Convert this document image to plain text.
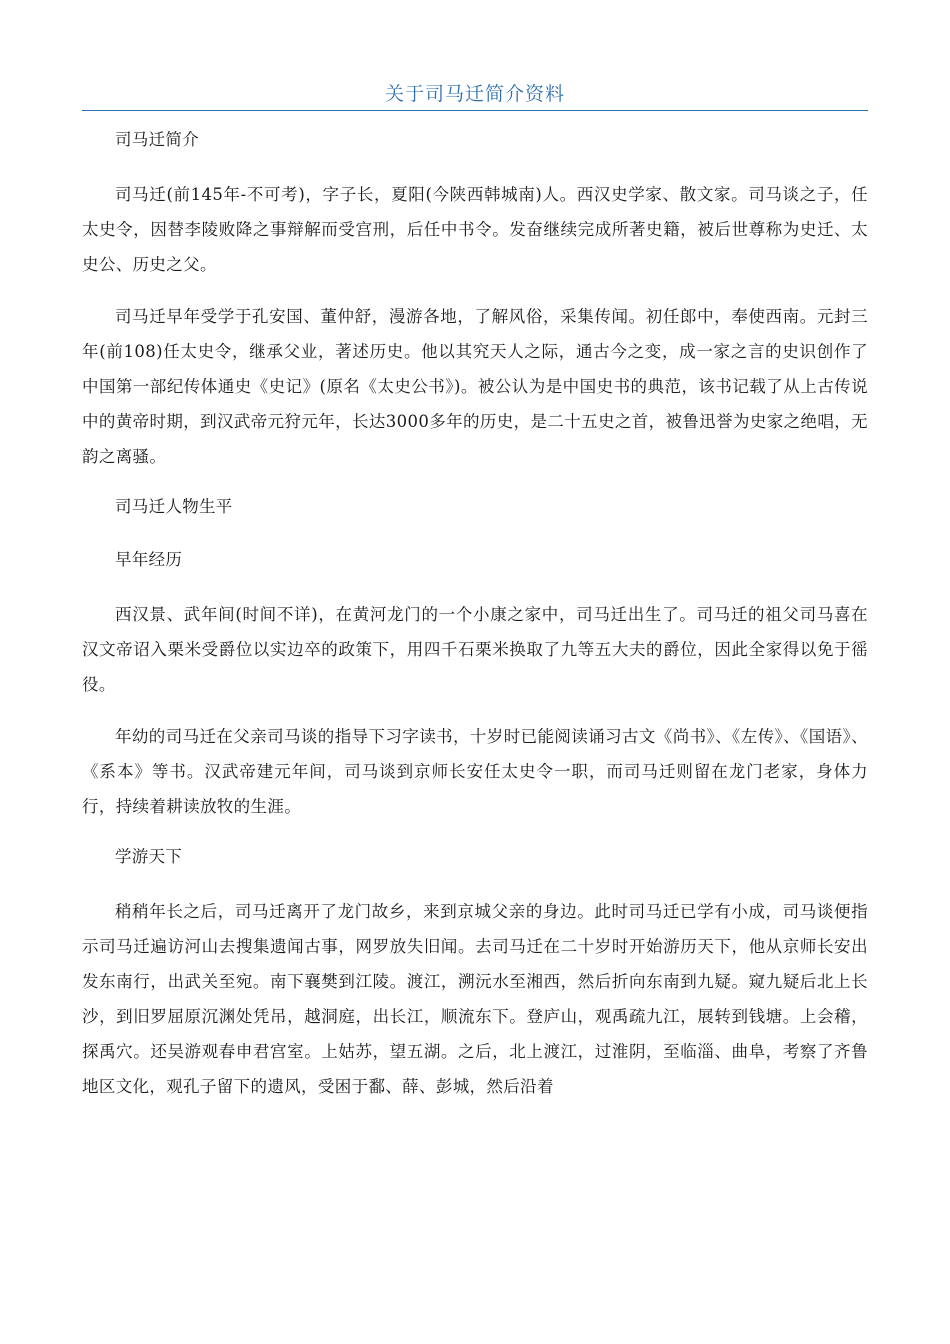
关于司马迁简介资料

司马迁简介

司马迁(前145年-不可考)，字子长，夏阳(今陕西韩城南)人。西汉史学家、散文家。司马谈之子，任太史令，因替李陵败降之事辩解而受宫刑，后任中书令。发奋继续完成所著史籍，被后世尊称为史迁、太史公、历史之父。

司马迁早年受学于孔安国、董仲舒，漫游各地，了解风俗，采集传闻。初任郎中，奉使西南。元封三年(前108)任太史令，继承父业，著述历史。他以其究天人之际，通古今之变，成一家之言的史识创作了中国第一部纪传体通史《史记》(原名《太史公书》)。被公认为是中国史书的典范，该书记载了从上古传说中的黄帝时期，到汉武帝元狩元年，长达3000多年的历史，是二十五史之首，被鲁迅誉为史家之绝唱，无韵之离骚。

司马迁人物生平

早年经历

西汉景、武年间(时间不详)，在黄河龙门的一个小康之家中，司马迁出生了。司马迁的祖父司马喜在汉文帝诏入栗米受爵位以实边卒的政策下，用四千石栗米换取了九等五大夫的爵位，因此全家得以免于徭役。

年幼的司马迁在父亲司马谈的指导下习字读书，十岁时已能阅读诵习古文《尚书》、《左传》、《国语》、《系本》等书。汉武帝建元年间，司马谈到京师长安任太史令一职，而司马迁则留在龙门老家，身体力行，持续着耕读放牧的生涯。

学游天下

稍稍年长之后，司马迁离开了龙门故乡，来到京城父亲的身边。此时司马迁已学有小成，司马谈便指示司马迁遍访河山去搜集遗闻古事，网罗放失旧闻。去司马迁在二十岁时开始游历天下，他从京师长安出发东南行，出武关至宛。南下襄樊到江陵。渡江，溯沅水至湘西，然后折向东南到九疑。窥九疑后北上长沙，到旧罗屈原沉渊处凭吊，越洞庭，出长江，顺流东下。登庐山，观禹疏九江，展转到钱塘。上会稽，探禹穴。还吴游观春申君宫室。上姑苏，望五湖。之后，北上渡江，过淮阴，至临淄、曲阜，考察了齐鲁地区文化，观孔子留下的遗风，受困于鄱、薛、彭城，然后沿着
